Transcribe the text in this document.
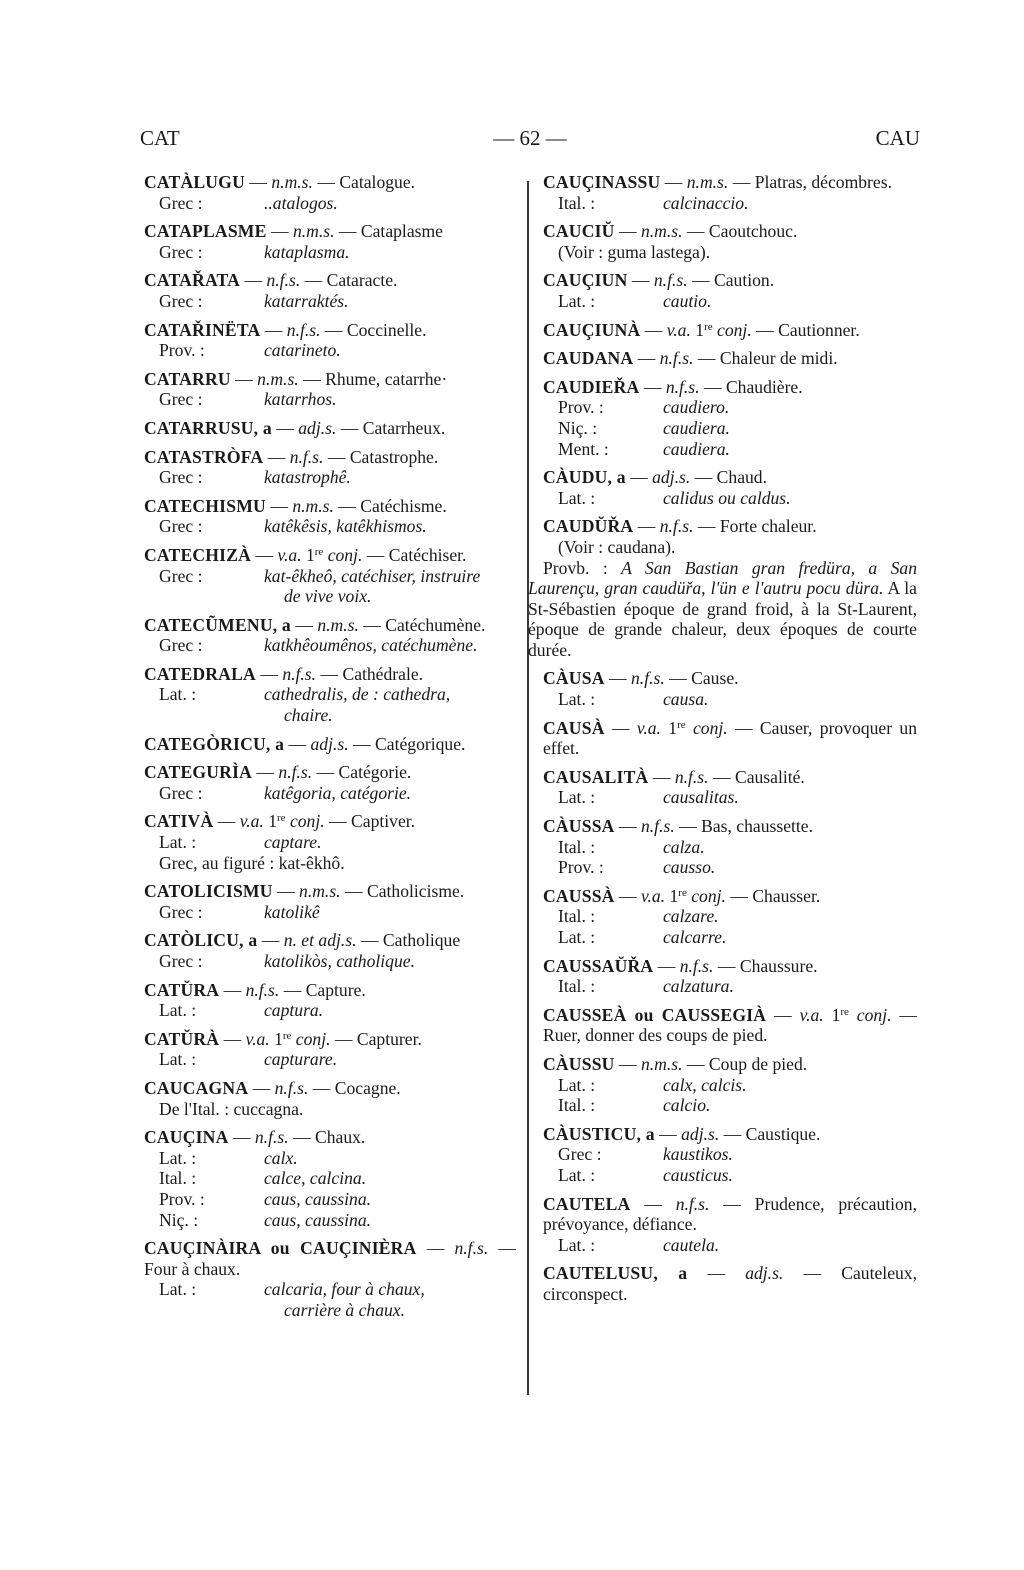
CAT	— 62 —	CAU
CATÀLUGU — n.m.s. — Catalogue.
Grec :	..atalogos.
CATAPLASME — n.m.s. — Cataplasme
Grec :	kataplasma.
CATAŘATA — n.f.s. — Cataracte.
Grec :	katarraktés.
CATAŘINËTA — n.f.s. — Coccinelle.
Prov. :	catarineto.
CATARRU — n.m.s. — Rhume, catarrhe·
Grec :	katarrhos.
CATARRUSU, a — adj.s. — Catarrheux.
CATASTRÒFA — n.f.s. — Catastrophe.
Grec :	katastrophê.
CATECHISMU — n.m.s. — Catéchisme.
Grec :	katêkêsis, katêkhismos.
CATECHIZÀ — v.a. 1re conj. — Catéchiser.
Grec :	kat-êkheô, catéchiser, instruire
de vive voix.
CATECŨMENU, a — n.m.s. — Catéchumène.
Grec :	katkhêoumênos, catéchumène.
CATEDRALA — n.f.s. — Cathédrale.
Lat. :	cathedralis, de : cathedra,
chaire.
CATEGÒRICU, a — adj.s. — Catégorique.
CATEGURÌA — n.f.s. — Catégorie.
Grec :	katêgoria, catégorie.
CATIVÀ — v.a. 1re conj. — Captiver.
Lat. :	captare.
Grec, au figuré : kat-êkhô.
CATOLICISMU — n.m.s. — Catholicisme.
Grec :	katolikê
CATÒLICU, a — n. et adj.s. — Catholique
Grec :	katolikòs, catholique.
CATŬRA — n.f.s. — Capture.
Lat. :	captura.
CATŬRÀ — v.a. 1re conj. — Capturer.
Lat. :	capturare.
CAUCAGNA — n.f.s. — Cocagne.
De l'Ital. : cuccagna.
CAUÇINA — n.f.s. — Chaux.
Lat. :	calx.
Ital. :	calce, calcina.
Prov. :	caus, caussina.
Niç. :	caus, caussina.
CAUÇINÀIRA ou CAUÇINIÈRA — n.f.s. — Four à chaux.
Lat. :	calcaria, four à chaux,
carrière à chaux.
CAUÇINASSU — n.m.s. — Platras, décombres.
Ital. :	calcinaccio.
CAUCIŬ — n.m.s. — Caoutchouc.
(Voir : guma lastega).
CAUÇIUN — n.f.s. — Caution.
Lat. :	cautio.
CAUÇIUNÀ — v.a. 1re conj. — Cautionner.
CAUDANA — n.f.s. — Chaleur de midi.
CAUDIEŘA — n.f.s. — Chaudière.
Prov. :	caudiero.
Niç. :	caudiera.
Ment. :	caudiera.
CÀUDU, a — adj.s. — Chaud.
Lat. :	calidus ou caldus.
CAUDŬŘA — n.f.s. — Forte chaleur.
(Voir : caudana).
Provb. : A San Bastian gran fredüra, a San Laurençu, gran caudüřa, l'ün e l'autru pocu düra. A la St-Sébastien époque de grand froid, à la St-Laurent, époque de grande chaleur, deux époques de courte durée.
CÀUSA — n.f.s. — Cause.
Lat. :	causa.
CAUSÀ — v.a. 1re conj. — Causer, provoquer un effet.
CAUSALITÀ — n.f.s. — Causalité.
Lat. :	causalitas.
CÀUSSA — n.f.s. — Bas, chaussette.
Ital. :	calza.
Prov. :	causso.
CAUSSÀ — v.a. 1re conj. — Chausser.
Ital. :	calzare.
Lat. :	calcarre.
CAUSSAŬŘA — n.f.s. — Chaussure.
Ital. :	calzatura.
CAUSSEÀ ou CAUSSEGIÀ — v.a. 1re conj. — Ruer, donner des coups de pied.
CÀUSSU — n.m.s. — Coup de pied.
Lat. :	calx, calcis.
Ital. :	calcio.
CÀUSTICU, a — adj.s. — Caustique.
Grec :	kaustikos.
Lat. :	causticus.
CAUTELA — n.f.s. — Prudence, précaution, prévoyance, défiance.
Lat. :	cautela.
CAUTELUSU, a — adj.s. — Cauteleux, circonspect.
